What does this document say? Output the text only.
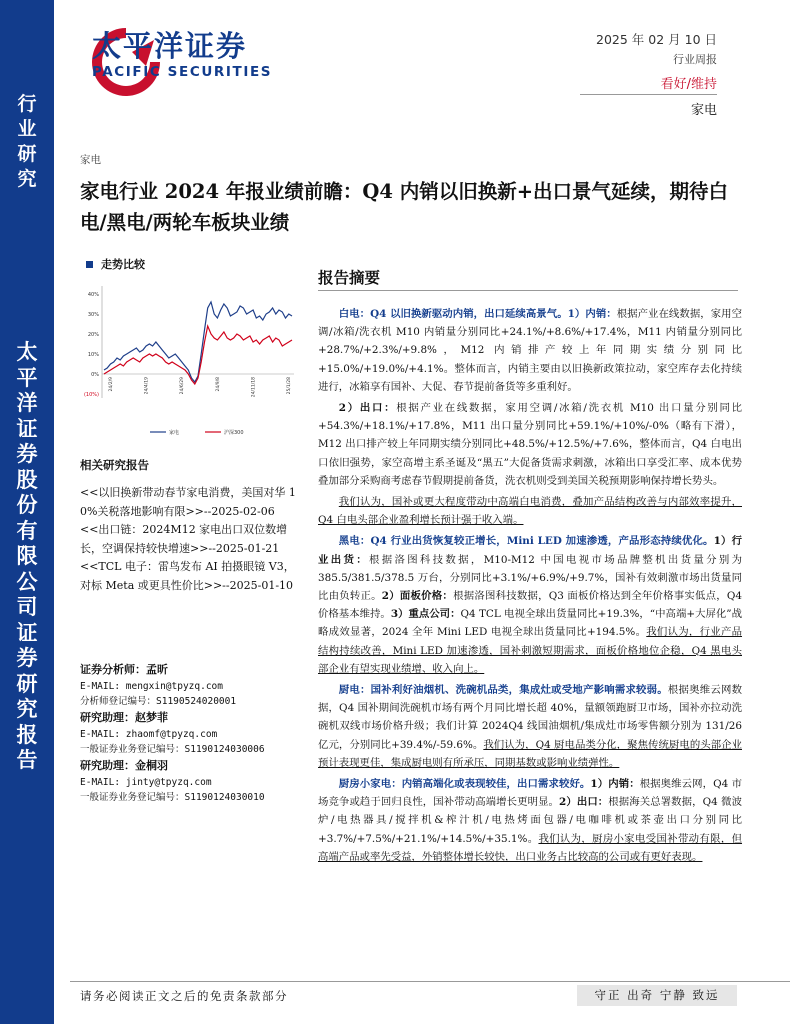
行业研究
太平洋证券股份有限公司证券研究报告
太平洋证券
PACIFIC SECURITIES
2025 年 02 月 10 日
行业周报
看好/维持
家电
家电
家电行业 2024 年报业绩前瞻：Q4 内销以旧换新+出口景气延续，期待白电/黑电/两轮车板块业绩
走势比较
(10%)
0%
10%
20%
30%
40%
24/2/9	24/4/19	24/6/29	24/9/8	24/11/18	25/1/28
家电	沪深300
相关研究报告
<<以旧换新带动春节家电消费，美国对华 10%关税落地影响有限>>--2025-02-06
<<出口链：2024M12 家电出口双位数增长，空调保持较快增速>>--2025-01-21
<<TCL 电子：雷鸟发布 AI 拍摄眼镜 V3，对标 Meta 或更具性价比>>--2025-01-10
证券分析师：孟昕
E-MAIL: mengxin@tpyzq.com
分析师登记编号：S1190524020001
研究助理：赵梦菲
E-MAIL: zhaomf@tpyzq.com
一般证券业务登记编号：S1190124030006
研究助理：金桐羽
E-MAIL: jinty@tpyzq.com
一般证券业务登记编号：S1190124030010
报告摘要

白电：Q4 以旧换新驱动内销，出口延续高景气。1）内销：根据产业在线数据，家用空调/冰箱/洗衣机 M10 内销量分别同比+24.1%/+8.6%/+17.4%，M11 内销量分别同比+28.7%/+2.3%/+9.8%，M12 内销排产较上年同期实绩分别同比+15.0%/+19.0%/+4.1%。整体而言，内销主要由以旧换新政策拉动，家空库存去化持续进行，冰箱享有国补、大促、春节提前备货等多重利好。

2）出口：根据产业在线数据，家用空调/冰箱/洗衣机 M10 出口量分别同比+54.3%/+18.1%/+17.8%，M11 出口量分别同比+59.1%/+10%/-0%（略有下滑），M12 出口排产较上年同期实绩分别同比+48.5%/+12.5%/+7.6%，整体而言，Q4 白电出口依旧强势，家空高增主系圣诞及“黑五”大促备货需求刺激，冰箱出口享受汇率、成本优势叠加部分采购商考虑春节假期提前备货，洗衣机则受到美国关税预期影响保持增长势头。

我们认为，国补或更大程度带动中高端白电消费，叠加产品结构改善与内部效率提升，Q4 白电头部企业盈利增长预计强于收入端。

黑电：Q4 行业出货恢复较正增长，Mini LED 加速渗透，产品形态持续优化。1）行业出货：根据洛图科技数据，M10-M12 中国电视市场品牌整机出货量分别为 385.5/381.5/378.5 万台，分别同比+3.1%/+6.9%/+9.7%，国补有效刺激市场出货量同比由负转正。2）面板价格：根据洛图科技数据，Q3 面板价格达到全年价格事实低点，Q4 价格基本维持。3）重点公司：Q4 TCL 电视全球出货量同比+19.3%，“中高端+大屏化”战略成效显著，2024 全年 Mini LED 电视全球出货量同比+194.5%。我们认为，行业产品结构持续改善，Mini LED 加速渗透，国补刺激短期需求，面板价格地位企稳，Q4 黑电头部企业有望实现业绩增、收入向上。

厨电：国补利好油烟机、洗碗机品类，集成灶或受地产影响需求较弱。根据奥维云网数据，Q4 国补期间洗碗机市场有两个月同比增长超 40%，量额领跑厨卫市场，国补亦拉动洗碗机双线市场价格升级；我们计算 2024Q4 线国油烟机/集成灶市场零售额分别为 131/26 亿元，分别同比+39.4%/-59.6%。我们认为，Q4 厨电品类分化，聚焦传统厨电的头部企业预计表现更佳，集成厨电则有所承压，同期基数或影响业绩弹性。

厨房小家电：内销高端化或表现较佳，出口需求较好。1）内销：根据奥维云网，Q4 市场竞争或趋于回归良性，国补带动高端增长更明显。2）出口：根据海关总署数据，Q4 微波炉/电热器具/搅拌机&榨汁机/电热烤面包器/电咖啡机或茶壶出口分别同比+3.7%/+7.5%/+21.1%/+14.5%/+35.1%。我们认为，厨房小家电受国补带动有限，但高端产品或率先受益，外销整体增长较快，出口业务占比较高的公司或有更好表现。

请务必阅读正文之后的免责条款部分	守正 出奇 宁静 致远
